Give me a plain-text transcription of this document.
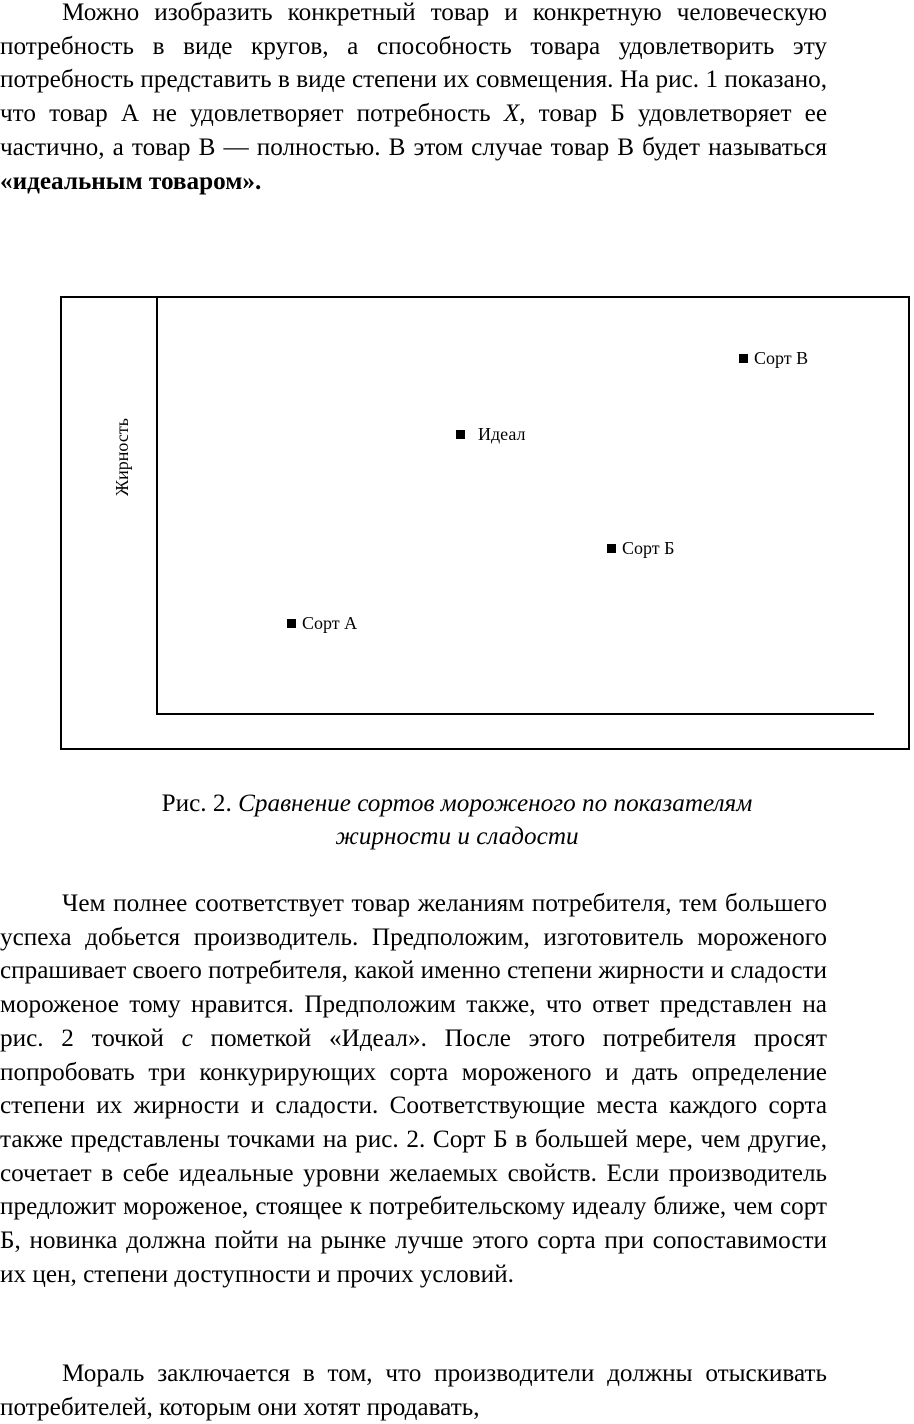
Можно изобразить конкретный товар и конкретную человеческую потребность в виде кругов, а способность товара удовлетворить эту потребность представить в виде степени их совмещения. На рис. 1 показано, что товар А не удовлетворяет потребность X, товар Б удовлетворяет ее частично, а товар В — полностью. В этом случае товар В будет называться «идеальным товаром».

Жирность
Сорт В
Идеал
Сорт Б
Сорт А
Рис. 2. Сравнение сортов мороженого по показателям
жирности и сладости

Чем полнее соответствует товар желаниям потребителя, тем большего успеха добьется производитель. Предположим, изготовитель мороженого спрашивает своего потребителя, какой именно степени жирности и сладости мороженое тому нравится. Предположим также, что ответ представлен на рис. 2 точкой с пометкой «Идеал». После этого потребителя просят попробовать три конкурирующих сорта мороженого и дать определение степени их жирности и сладости. Соответствующие места каждого сорта также представлены точками на рис. 2. Сорт Б в большей мере, чем другие, сочетает в себе идеальные уровни желаемых свойств. Если производитель предложит мороженое, стоящее к потребительскому идеалу ближе, чем сорт Б, новинка должна пойти на рынке лучше этого сорта при сопоставимости их цен, степени доступности и прочих условий.

Мораль заключается в том, что производители должны отыскивать потребителей, которым они хотят продавать,
